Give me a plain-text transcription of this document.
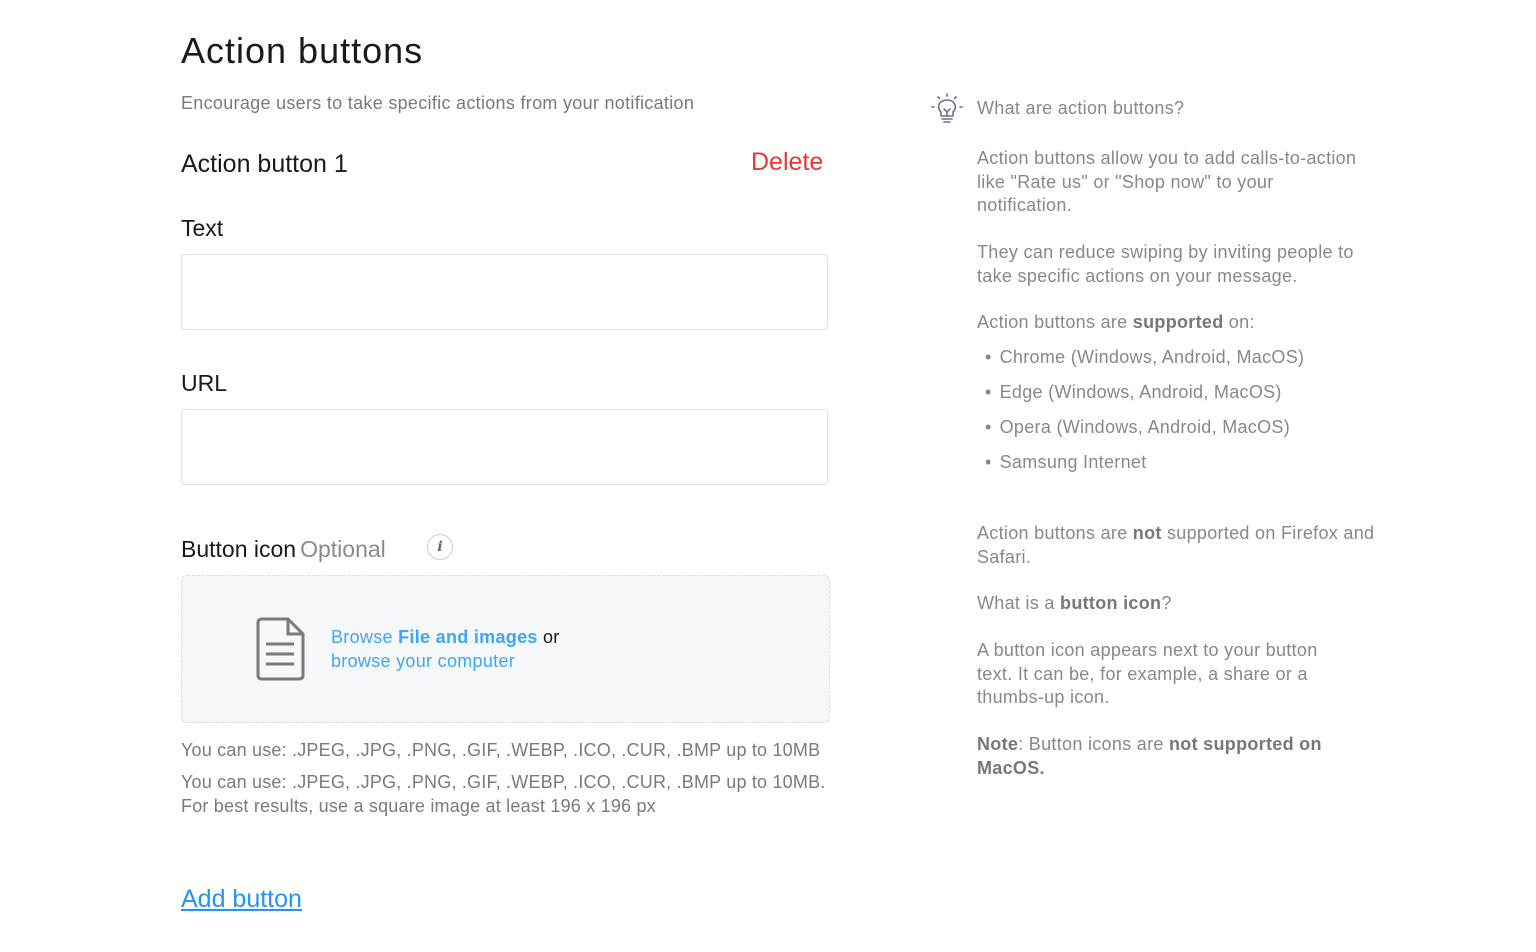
Action buttons
Encourage users to take specific actions from your notification
Action button 1	Delete
Text
URL
Button icon Optional	i
Browse File and images or
browse your computer
You can use: .JPEG, .JPG, .PNG, .GIF, .WEBP, .ICO, .CUR, .BMP up to 10MB
You can use: .JPEG, .JPG, .PNG, .GIF, .WEBP, .ICO, .CUR, .BMP up to 10MB.
For best results, use a square image at least 196 x 196 px
Add button
What are action buttons?
Action buttons allow you to add calls-to-action like "Rate us" or "Shop now" to your notification.
They can reduce swiping by inviting people to take specific actions on your message.
Action buttons are supported on:
• Chrome (Windows, Android, MacOS)
• Edge (Windows, Android, MacOS)
• Opera (Windows, Android, MacOS)
• Samsung Internet
Action buttons are not supported on Firefox and Safari.
What is a button icon?
A button icon appears next to your button text. It can be, for example, a share or a thumbs-up icon.
Note: Button icons are not supported on MacOS.
